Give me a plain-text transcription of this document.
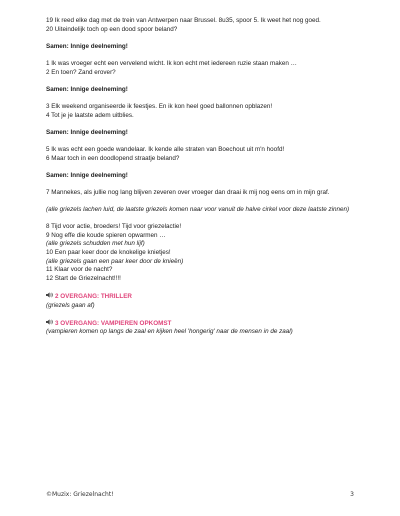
19 Ik reed elke dag met de trein van Antwerpen naar Brussel. 8u35, spoor 5. Ik weet het nog goed.

20 Uiteindelijk toch op een dood spoor beland?

Samen: Innige deelneming!

1 Ik was vroeger echt een vervelend wicht. Ik kon echt met iedereen ruzie staan maken …

2 En toen? Zand erover?

Samen: Innige deelneming!

3 Elk weekend organiseerde ik feestjes. En ik kon heel goed ballonnen opblazen!

4 Tot je je laatste adem uitblies.

Samen: Innige deelneming!

5 Ik was echt een goede wandelaar. Ik kende alle straten van Boechout uit m'n hoofd!

6 Maar toch in een doodlopend straatje beland?

Samen: Innige deelneming!

7 Mannekes, als jullie nog lang blijven zeveren over vroeger dan draai ik mij nog eens om in mijn graf.

(alle griezels lachen luid, de laatste griezels komen naar voor vanuit de halve cirkel voor deze laatste zinnen)

8 Tijd voor actie, broeders! Tijd voor griezelactie!

9 Nog effe die koude spieren opwarmen …

(alle griezels schudden met hun lijf)

10 Een paar keer door de knokelige knietjes!

(alle griezels gaan een paar keer door de knieën)

11 Klaar voor de nacht?

12 Start de Griezelnacht!!!!

2 OVERGANG: THRILLER

(griezels gaan af)

3 OVERGANG: VAMPIEREN OPKOMST

(vampieren komen op langs de zaal en kijken heel 'hongerig' naar de mensen in de zaal)

©Muzix: Griezelnacht!	3
